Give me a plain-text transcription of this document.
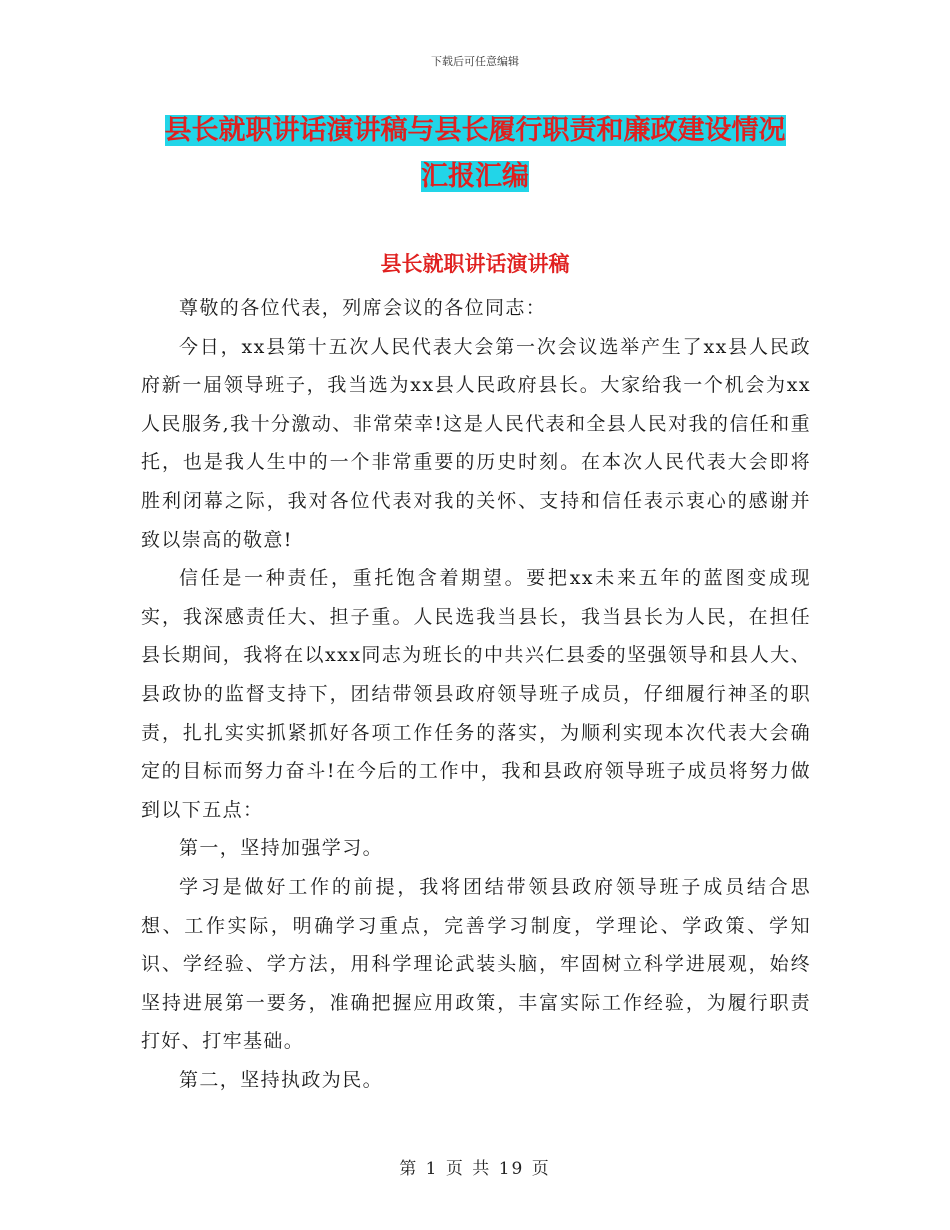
下载后可任意编辑
县长就职讲话演讲稿与县长履行职责和廉政建设情况
汇报汇编
县长就职讲话演讲稿

尊敬的各位代表，列席会议的各位同志：

今日，xx县第十五次人民代表大会第一次会议选举产生了xx县人民政府新一届领导班子，我当选为xx县人民政府县长。大家给我一个机会为xx人民服务,我十分激动、非常荣幸!这是人民代表和全县人民对我的信任和重托，也是我人生中的一个非常重要的历史时刻。在本次人民代表大会即将胜利闭幕之际，我对各位代表对我的关怀、支持和信任表示衷心的感谢并致以崇高的敬意!

信任是一种责任，重托饱含着期望。要把xx未来五年的蓝图变成现实，我深感责任大、担子重。人民选我当县长，我当县长为人民，在担任县长期间，我将在以xxx同志为班长的中共兴仁县委的坚强领导和县人大、县政协的监督支持下，团结带领县政府领导班子成员，仔细履行神圣的职责，扎扎实实抓紧抓好各项工作任务的落实，为顺利实现本次代表大会确定的目标而努力奋斗!在今后的工作中，我和县政府领导班子成员将努力做到以下五点：

第一，坚持加强学习。

学习是做好工作的前提，我将团结带领县政府领导班子成员结合思想、工作实际，明确学习重点，完善学习制度，学理论、学政策、学知识、学经验、学方法，用科学理论武装头脑，牢固树立科学进展观，始终坚持进展第一要务，准确把握应用政策，丰富实际工作经验，为履行职责打好、打牢基础。

第二，坚持执政为民。

第 1 页 共 19 页
